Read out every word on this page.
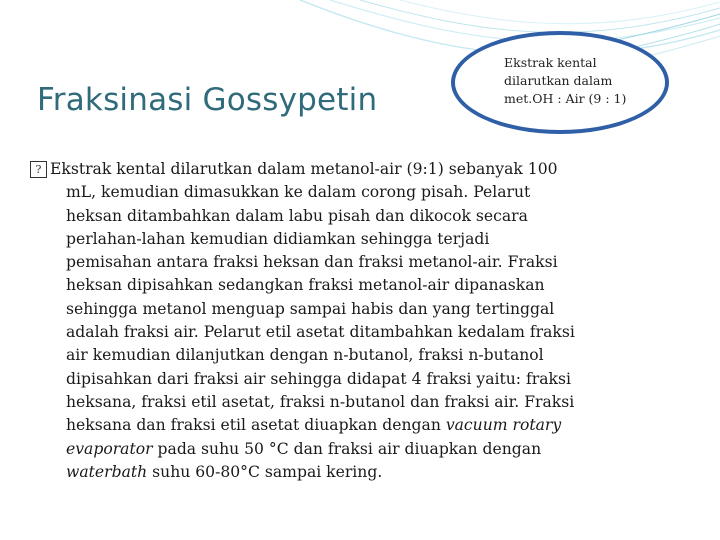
Fraksinasi Gossypetin
Ekstrak kental
dilarutkan dalam
met.OH : Air (9 : 1)
? Ekstrak kental dilarutkan dalam metanol-air (9:1) sebanyak 100
mL, kemudian dimasukkan ke dalam corong pisah. Pelarut
heksan ditambahkan dalam labu pisah dan dikocok secara
perlahan-lahan kemudian didiamkan sehingga terjadi
pemisahan antara fraksi heksan dan fraksi metanol-air. Fraksi
heksan dipisahkan sedangkan fraksi metanol-air dipanaskan
sehingga metanol menguap sampai habis dan yang tertinggal
adalah fraksi air. Pelarut etil asetat ditambahkan kedalam fraksi
air kemudian dilanjutkan dengan n-butanol, fraksi n-butanol
dipisahkan dari fraksi air sehingga didapat 4 fraksi yaitu: fraksi
heksana, fraksi etil asetat, fraksi n-butanol dan fraksi air. Fraksi
heksana dan fraksi etil asetat diuapkan dengan vacuum rotary
evaporator pada suhu 50 °C dan fraksi air diuapkan dengan
waterbath suhu 60-80°C sampai kering.
